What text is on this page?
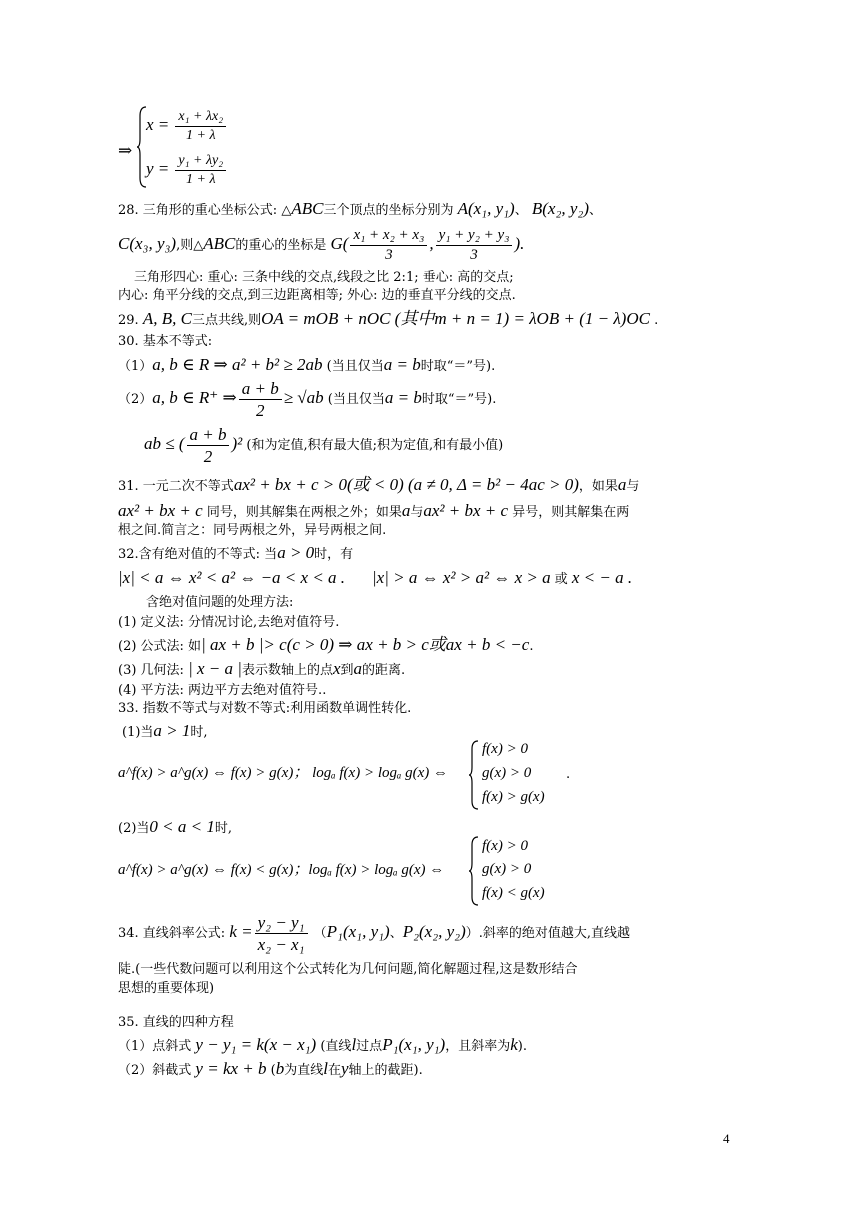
⇒
$x = \frac{\text{x₁ + λx₂}}{1 + \lambda}$
$y = \frac{\text{y₁ + λy₂}}{1 + \lambda}$
28. 三角形的重心坐标公式: △ABC三个顶点的坐标分别为 A(x₁, y₁)、 B(x₂, y₂)、
C(x₃, y₃),则△ABC的重心的坐标是 $G( \frac{\text{x₁ + x₂ + x₃}}{3}$ , $\frac{\text{y₁ + y₂ + y₃}}{3}$ ).
三角形四心: 重心: 三条中线的交点,线段之比 2:1; 垂心: 高的交点;
内心: 角平分线的交点,到三边距离相等; 外心: 边的垂直平分线的交点.
29. A, B, C三点共线,则OA = mOB + nOC (其中m + n = 1) = λOB + (1 − λ)OC .
30. 基本不等式:
（1）a, b ∈ R ⇒ a² + b² ≥ 2ab (当且仅当a = b时取“＝”号).
（2）a, b ∈ R⁺ ⇒ $\frac{a + b}{2} \ge √ab$ (当且仅当a = b时取“＝”号).
ab ≤ ( $\frac{a + b}{2} )^2$ (和为定值,积有最大值;积为定值,和有最小值)
31. 一元二次不等式ax² + bx + c > 0(或 < 0) (a ≠ 0, Δ = b² − 4ac > 0)，如果a与
ax² + bx + c 同号，则其解集在两根之外；如果a与ax² + bx + c 异号，则其解集在两
根之间.简言之：同号两根之外，异号两根之间.
32.含有绝对值的不等式: 当a > 0时，有
|x| < a ⇔ x² < a² ⇔ −a < x < a . |x| > a ⇔ x² > a² ⇔ x > a 或 x < − a .
含绝对值问题的处理方法:
(1) 定义法: 分情况讨论,去绝对值符号.
(2) 公式法: 如| ax + b |> c(c > 0) ⇒ ax + b > c或ax + b < −c.
(3) 几何法: | x − a |表示数轴上的点x到a的距离.
(4) 平方法: 两边平方去绝对值符号..
33. 指数不等式与对数不等式:利用函数单调性转化.
(1)当a > 1时,
a^f(x) > a^g(x) ⇔ f(x) > g(x)； logₐ f(x) > logₐ g(x) ⇔
f(x) > 0
g(x) > 0
f(x) > g(x)
.
(2)当0 < a < 1时,
a^f(x) > a^g(x) ⇔ f(x) < g(x)；logₐ f(x) > logₐ g(x) ⇔
f(x) > 0
g(x) > 0
f(x) < g(x)
34. 直线斜率公式: $k = \frac{\text{y₂ − y₁}}{\text{x₂ − x₁}} (P_1(x_1$, y₁)、P₂(x₂, y₂)）.斜率的绝对值越大,直线越
陡.(一些代数问题可以利用这个公式转化为几何问题,简化解题过程,这是数形结合
思想的重要体现)
35. 直线的四种方程
（1）点斜式 y − y₁ = k(x − x₁) (直线l过点P₁(x₁, y₁)，且斜率为k).
（2）斜截式 y = kx + b (b为直线l在y轴上的截距).
4
